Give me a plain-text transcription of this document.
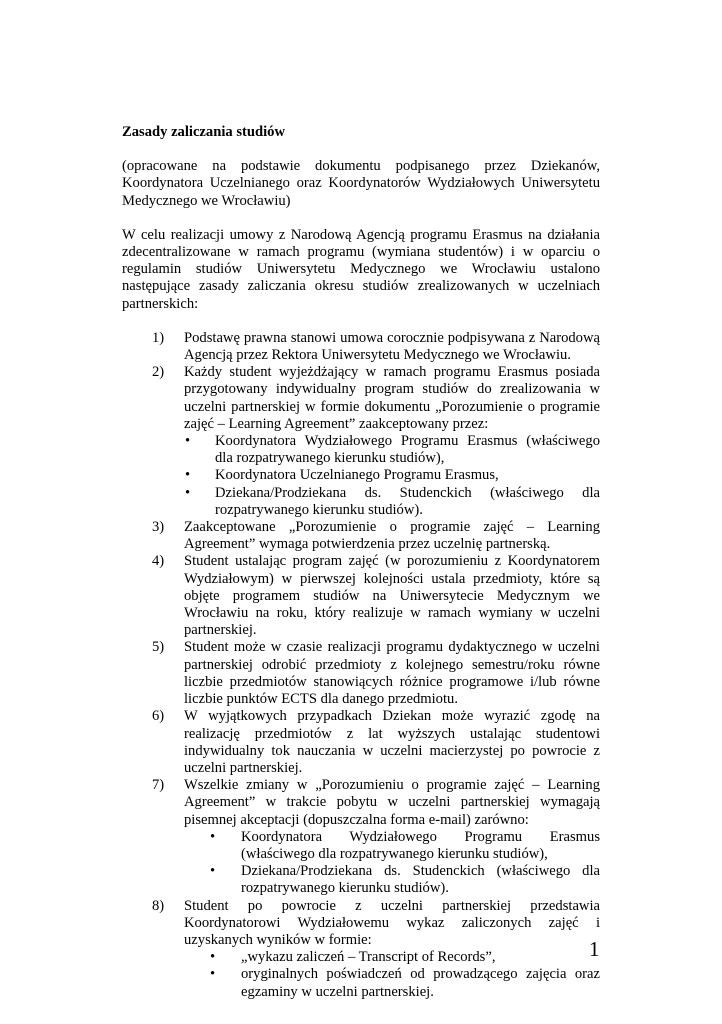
Zasady zaliczania studiów

(opracowane na podstawie dokumentu podpisanego przez Dziekanów, Koordynatora Uczelnianego oraz Koordynatorów Wydziałowych Uniwersytetu Medycznego we Wrocławiu)

W celu realizacji umowy z Narodową Agencją programu Erasmus na działania zdecentralizowane w ramach programu (wymiana studentów) i w oparciu o regulamin studiów Uniwersytetu Medycznego we Wrocławiu ustalono następujące zasady zaliczania okresu studiów zrealizowanych w uczelniach partnerskich:

1) Podstawę prawna stanowi umowa corocznie podpisywana z Narodową Agencją przez Rektora Uniwersytetu Medycznego we Wrocławiu.
2) Każdy student wyjeżdżający w ramach programu Erasmus posiada przygotowany indywidualny program studiów do zrealizowania w uczelni partnerskiej w formie dokumentu „Porozumienie o programie zajęć – Learning Agreement” zaakceptowany przez:
• Koordynatora Wydziałowego Programu Erasmus (właściwego dla rozpatrywanego kierunku studiów),
• Koordynatora Uczelnianego Programu Erasmus,
• Dziekana/Prodziekana ds. Studenckich (właściwego dla rozpatrywanego kierunku studiów).
3) Zaakceptowane „Porozumienie o programie zajęć – Learning Agreement” wymaga potwierdzenia przez uczelnię partnerską.
4) Student ustalając program zajęć (w porozumieniu z Koordynatorem Wydziałowym) w pierwszej kolejności ustala przedmioty, które są objęte programem studiów na Uniwersytecie Medycznym we Wrocławiu na roku, który realizuje w ramach wymiany w uczelni partnerskiej.
5) Student może w czasie realizacji programu dydaktycznego w uczelni partnerskiej odrobić przedmioty z kolejnego semestru/roku równe liczbie przedmiotów stanowiących różnice programowe i/lub równe liczbie punktów ECTS dla danego przedmiotu.
6) W wyjątkowych przypadkach Dziekan może wyrazić zgodę na realizację przedmiotów z lat wyższych ustalając studentowi indywidualny tok nauczania w uczelni macierzystej po powrocie z uczelni partnerskiej.
7) Wszelkie zmiany w „Porozumieniu o programie zajęć – Learning Agreement” w trakcie pobytu w uczelni partnerskiej wymagają pisemnej akceptacji (dopuszczalna forma e-mail) zarówno:
• Koordynatora Wydziałowego Programu Erasmus (właściwego dla rozpatrywanego kierunku studiów),
• Dziekana/Prodziekana ds. Studenckich (właściwego dla rozpatrywanego kierunku studiów).
8) Student po powrocie z uczelni partnerskiej przedstawia Koordynatorowi Wydziałowemu wykaz zaliczonych zajęć i uzyskanych wyników w formie:
• „wykazu zaliczeń – Transcript of Records”,
• oryginalnych poświadczeń od prowadzącego zajęcia oraz egzaminy w uczelni partnerskiej.
1
